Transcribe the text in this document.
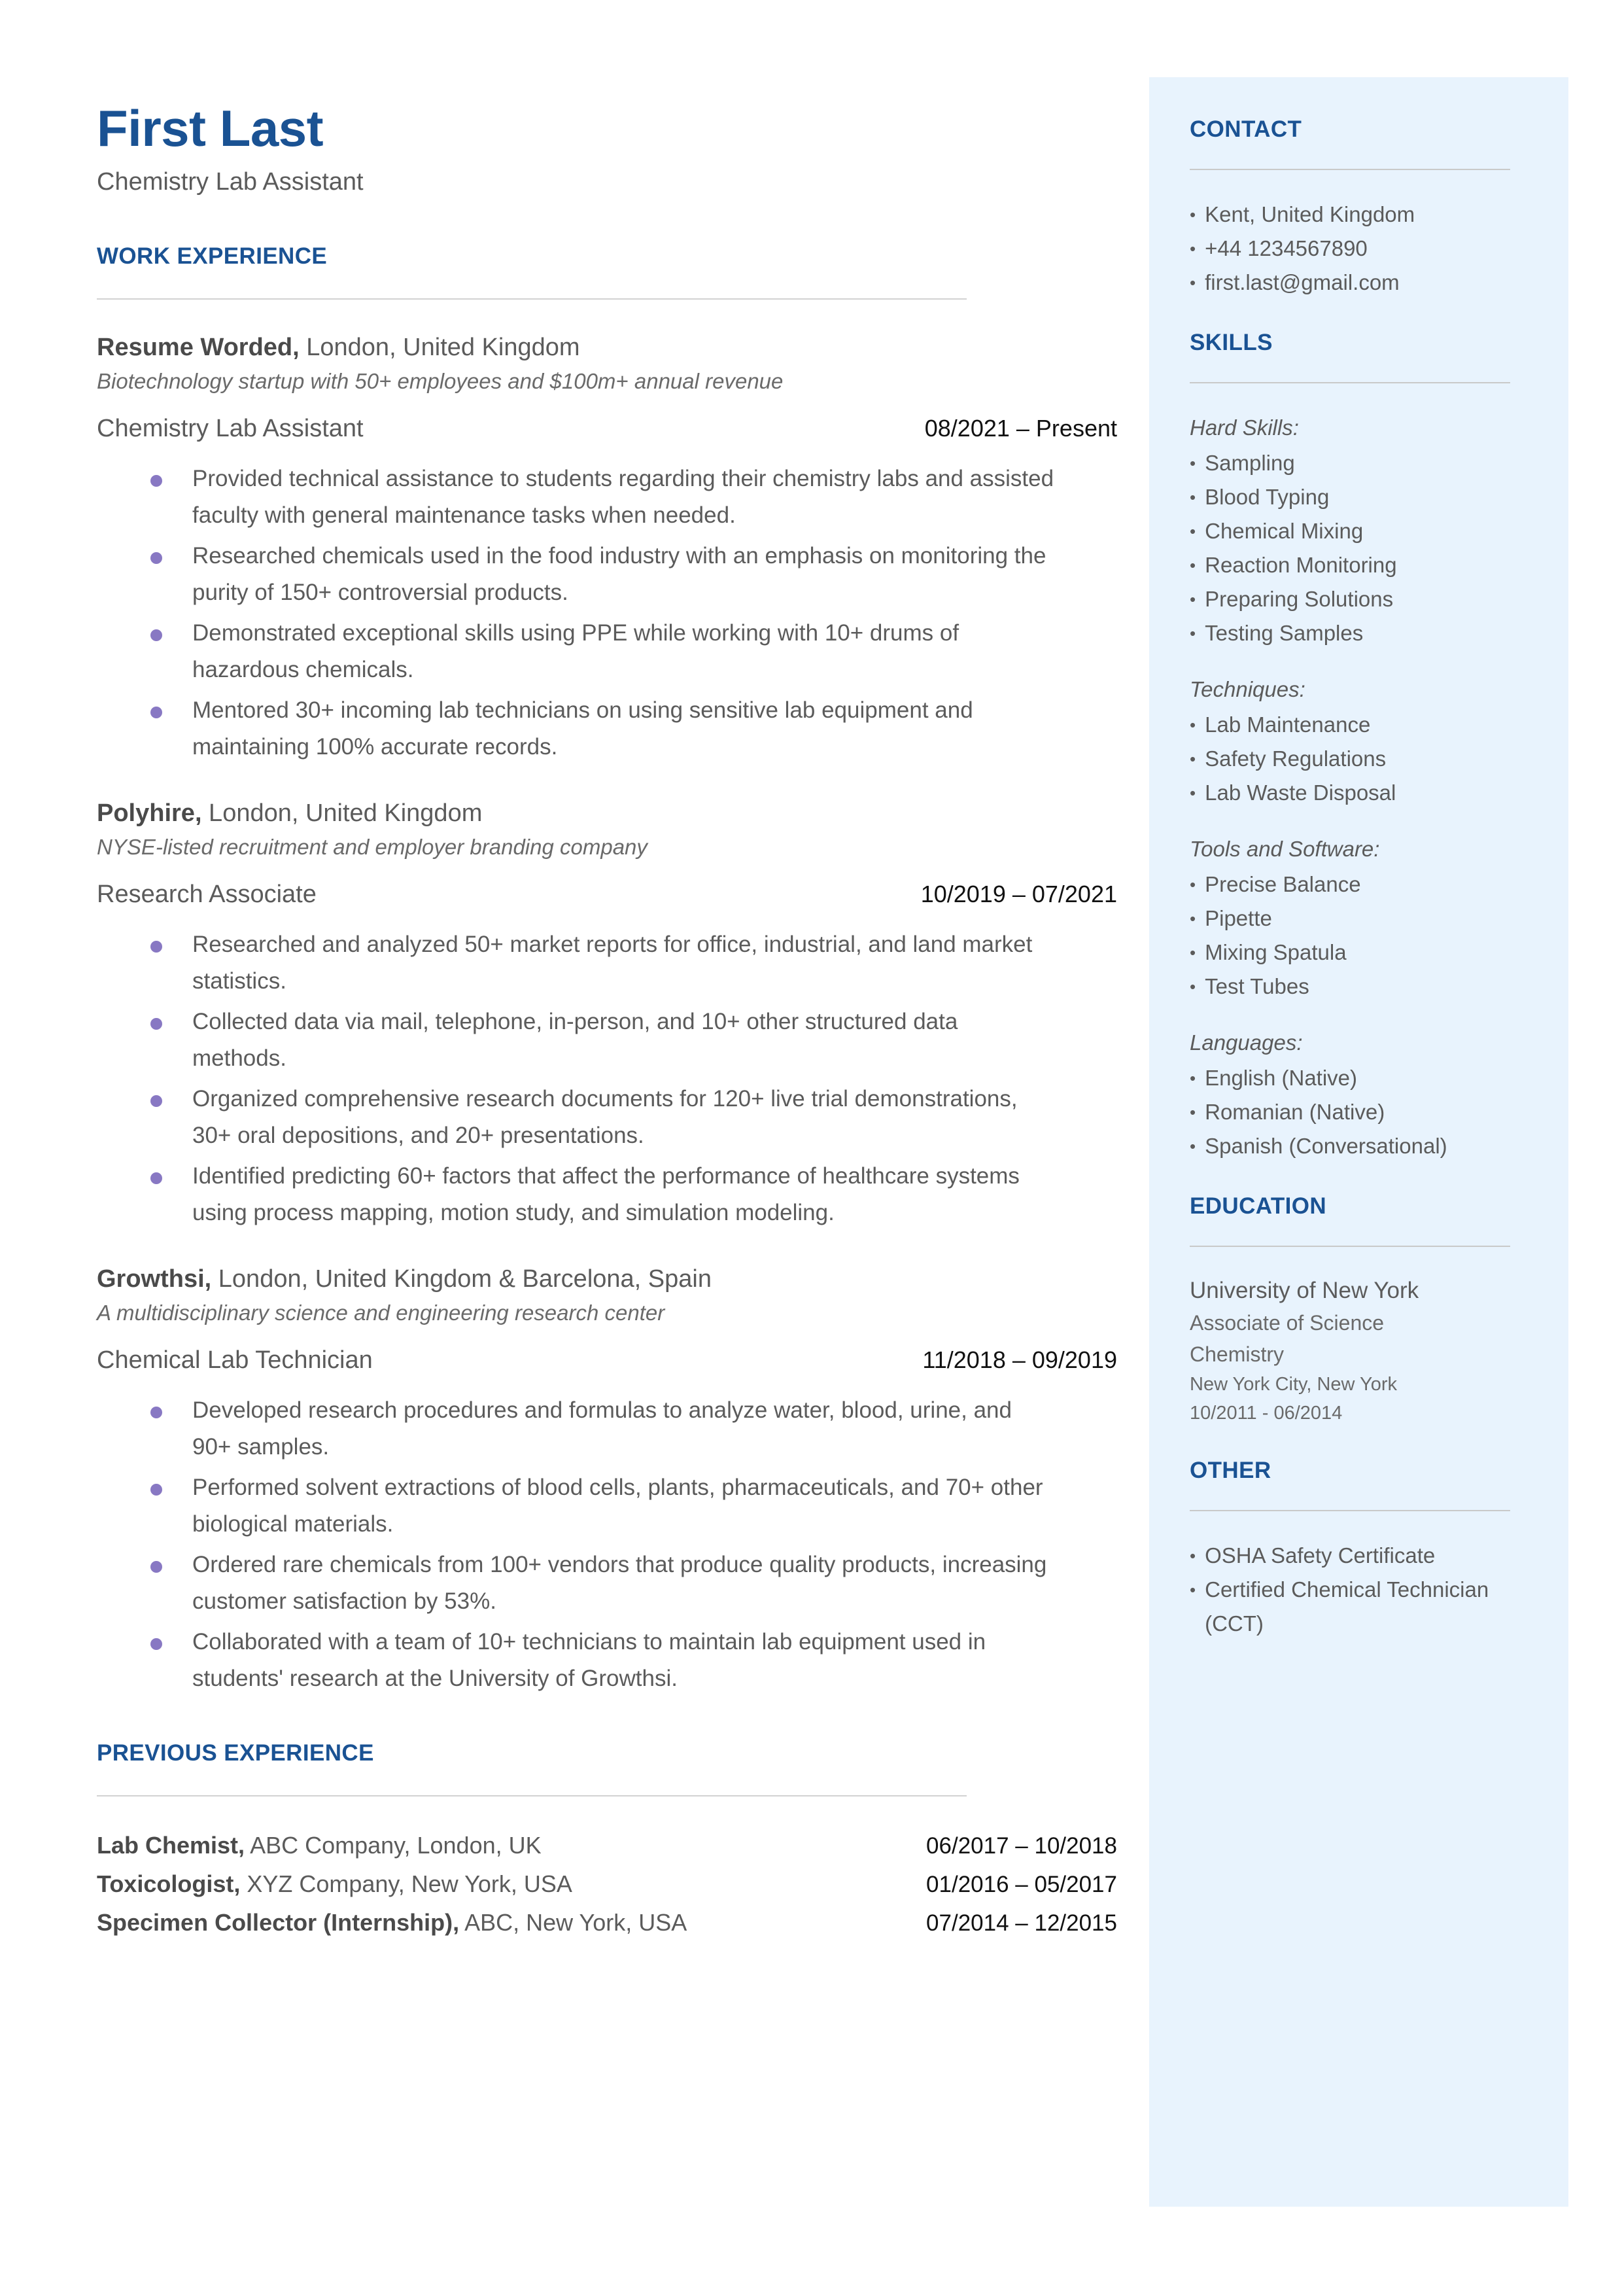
CONTACT
• Kent, United Kingdom
• +44 1234567890
• first.last@gmail.com
SKILLS
Hard Skills:
• Sampling
• Blood Typing
• Chemical Mixing
• Reaction Monitoring
• Preparing Solutions
• Testing Samples
Techniques:
• Lab Maintenance
• Safety Regulations
• Lab Waste Disposal
Tools and Software:
• Precise Balance
• Pipette
• Mixing Spatula
• Test Tubes
Languages:
• English (Native)
• Romanian (Native)
• Spanish (Conversational)
EDUCATION
University of New York
Associate of Science
Chemistry
New York City, New York
10/2011 - 06/2014
OTHER
• OSHA Safety Certificate
• Certified Chemical Technician (CCT)
First Last
Chemistry Lab Assistant
WORK EXPERIENCE
Resume Worded, London, United Kingdom
Biotechnology startup with 50+ employees and $100m+ annual revenue
Chemistry Lab Assistant	08/2021 – Present
Provided technical assistance to students regarding their chemistry labs and assisted faculty with general maintenance tasks when needed.
Researched chemicals used in the food industry with an emphasis on monitoring the purity of 150+ controversial products.
Demonstrated exceptional skills using PPE while working with 10+ drums of hazardous chemicals.
Mentored 30+ incoming lab technicians on using sensitive lab equipment and maintaining 100% accurate records.
Polyhire, London, United Kingdom
NYSE-listed recruitment and employer branding company
Research Associate	10/2019 – 07/2021
Researched and analyzed 50+ market reports for office, industrial, and land market statistics.
Collected data via mail, telephone, in-person, and 10+ other structured data methods.
Organized comprehensive research documents for 120+ live trial demonstrations, 30+ oral depositions, and 20+ presentations.
Identified predicting 60+ factors that affect the performance of healthcare systems using process mapping, motion study, and simulation modeling.
Growthsi, London, United Kingdom & Barcelona, Spain
A multidisciplinary science and engineering research center
Chemical Lab Technician	11/2018 – 09/2019
Developed research procedures and formulas to analyze water, blood, urine, and 90+ samples.
Performed solvent extractions of blood cells, plants, pharmaceuticals, and 70+ other biological materials.
Ordered rare chemicals from 100+ vendors that produce quality products, increasing customer satisfaction by 53%.
Collaborated with a team of 10+ technicians to maintain lab equipment used in students' research at the University of Growthsi.
PREVIOUS EXPERIENCE
Lab Chemist, ABC Company, London, UK	06/2017 – 10/2018
Toxicologist, XYZ Company, New York, USA	01/2016 – 05/2017
Specimen Collector (Internship), ABC, New York, USA	07/2014 – 12/2015
